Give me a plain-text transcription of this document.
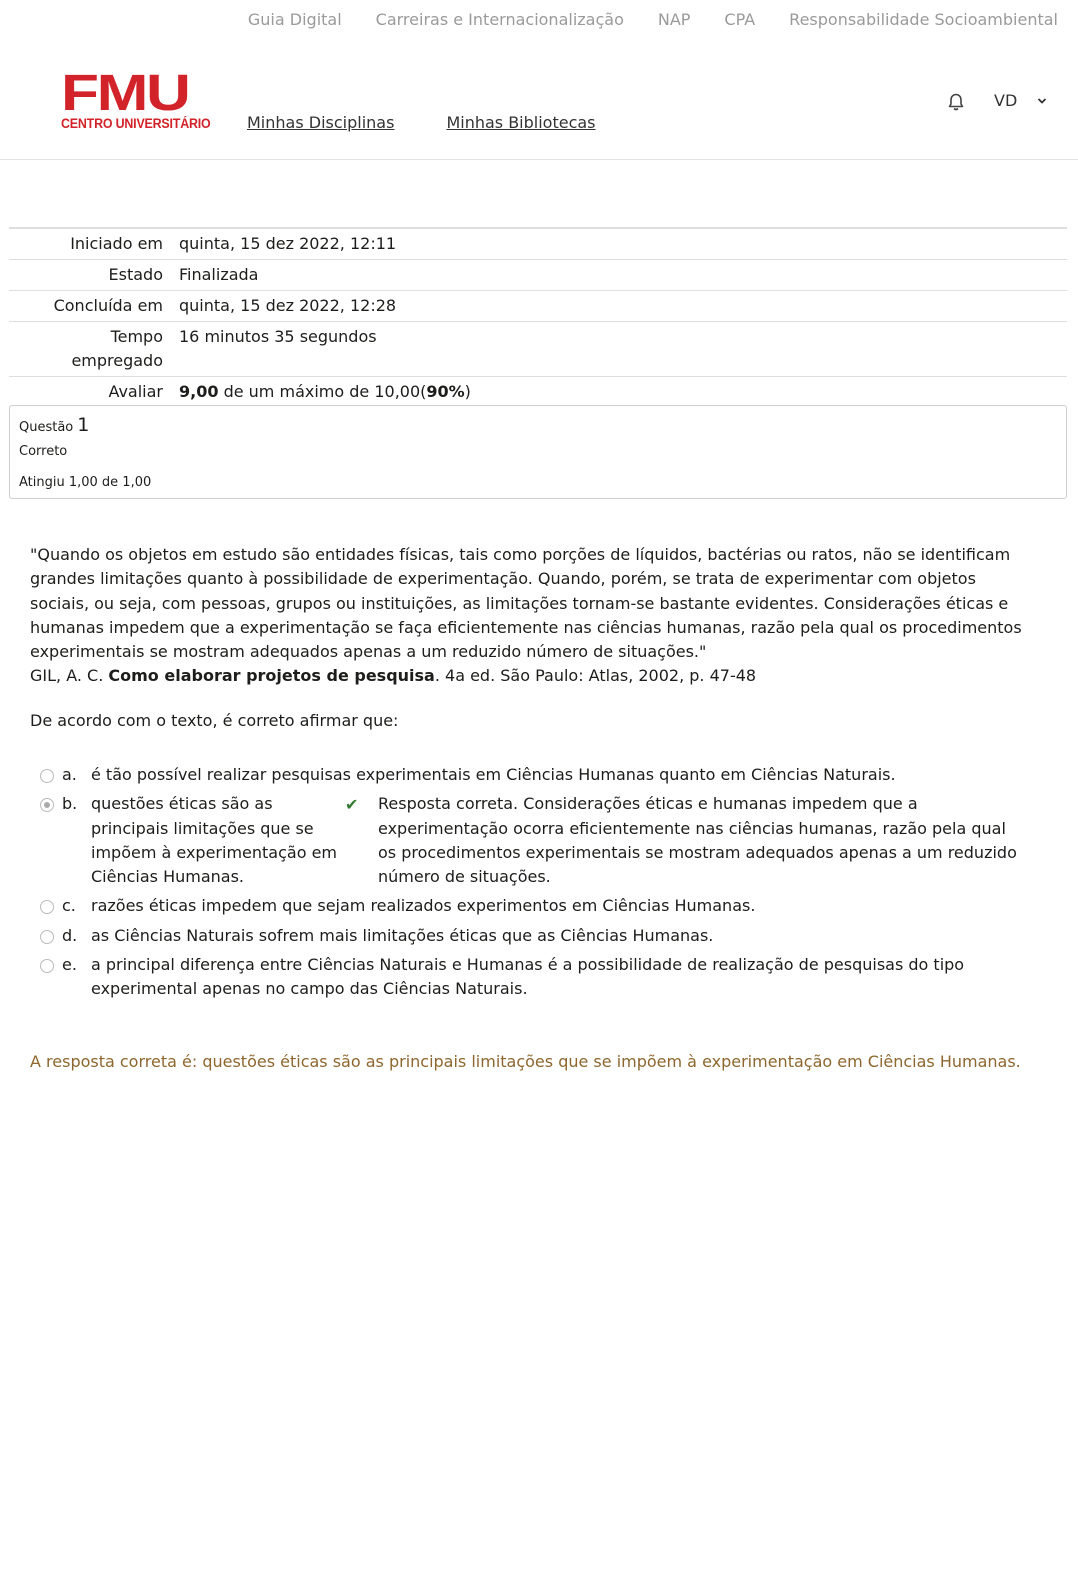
Guia Digital Carreiras e Internacionalização NAP CPA Responsabilidade Socioambiental
FMU
CENTRO UNIVERSITÁRIO Minhas Disciplinas	Minhas Bibliotecas
VD
Iniciado em	quinta, 15 dez 2022, 12:11
Estado	Finalizada
Concluída em	quinta, 15 dez 2022, 12:28
Tempo
empregado	16 minutos 35 segundos
Avaliar	9,00 de um máximo de 10,00(90%)
Questão 1
Correto
Atingiu 1,00 de 1,00

"Quando os objetos em estudo são entidades físicas, tais como porções de líquidos, bactérias ou ratos, não se identificam grandes limitações quanto à possibilidade de experimentação. Quando, porém, se trata de experimentar com objetos sociais, ou seja, com pessoas, grupos ou instituições, as limitações tornam-se bastante evidentes. Considerações éticas e humanas impedem que a experimentação se faça eficientemente nas ciências humanas, razão pela qual os procedimentos experimentais se mostram adequados apenas a um reduzido número de situações."

GIL, A. C. Como elaborar projetos de pesquisa. 4a ed. São Paulo: Atlas, 2002, p. 47-48

De acordo com o texto, é correto afirmar que:
a. é tão possível realizar pesquisas experimentais em Ciências Humanas quanto em Ciências Naturais.
b. questões éticas são as principais limitações que se impõem à experimentação em Ciências Humanas.
✔	Resposta correta. Considerações éticas e humanas impedem que a experimentação ocorra eficientemente nas ciências humanas, razão pela qual os procedimentos experimentais se mostram adequados apenas a um reduzido número de situações.
c. razões éticas impedem que sejam realizados experimentos em Ciências Humanas.
d. as Ciências Naturais sofrem mais limitações éticas que as Ciências Humanas.
e. a principal diferença entre Ciências Naturais e Humanas é a possibilidade de realização de pesquisas do tipo experimental apenas no campo das Ciências Naturais.
A resposta correta é: questões éticas são as principais limitações que se impõem à experimentação em Ciências Humanas.
